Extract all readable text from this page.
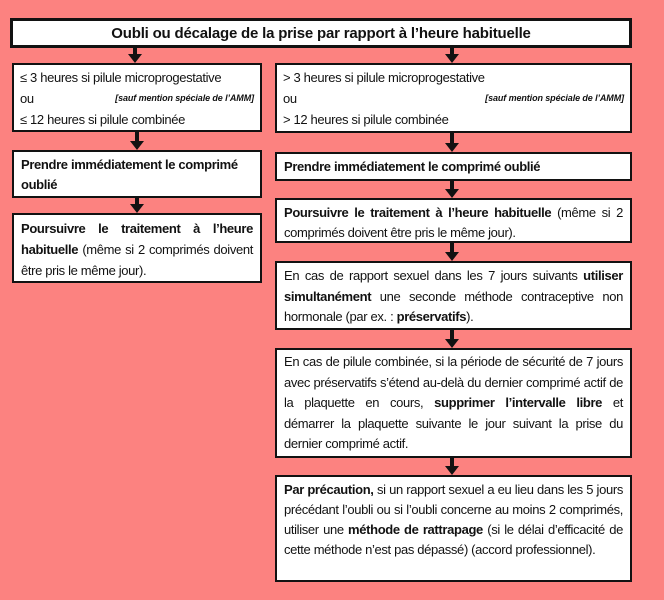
Oubli ou décalage de la prise par rapport à l’heure habituelle
≤ 3 heures si pilule microprogestative
ou	[sauf mention spéciale de l’AMM]
≤ 12 heures si pilule combinée
Prendre immédiatement le comprimé oublié
Poursuivre le traitement à l’heure habituelle (même si 2 comprimés doivent être pris le même jour).
> 3 heures si pilule microprogestative
ou	[sauf mention spéciale de l’AMM]
> 12 heures si pilule combinée
Prendre immédiatement le comprimé oublié
Poursuivre le traitement à l’heure habituelle (même si 2 comprimés doivent être pris le même jour).
En cas de rapport sexuel dans les 7 jours suivants utiliser simultanément une seconde méthode contraceptive non hormonale (par ex. : préservatifs).
En cas de pilule combinée, si la période de sécurité de 7 jours avec préservatifs s’étend au-delà du dernier comprimé actif de la plaquette en cours, supprimer l’intervalle libre et démarrer la plaquette suivante le jour suivant la prise du dernier comprimé actif.
Par précaution, si un rapport sexuel a eu lieu dans les 5 jours précédant l’oubli ou si l’oubli concerne au moins 2 comprimés, utiliser une méthode de rattrapage (si le délai d’efficacité de cette méthode n’est pas dépassé) (accord professionnel).
